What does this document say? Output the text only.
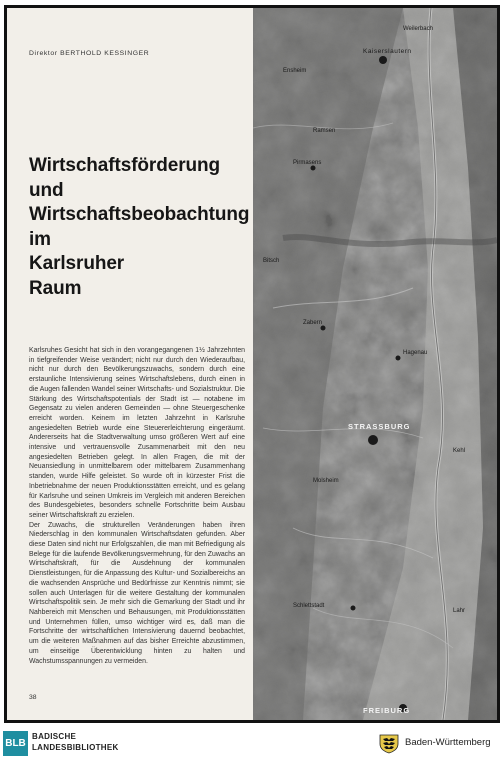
Direktor BERTHOLD KESSINGER
Wirtschaftsförderung
und
Wirtschaftsbeobachtung
im
Karlsruher
Raum

Karlsruhes Gesicht hat sich in den vorangegangenen 1½ Jahrzehnten in tiefgreifender Weise verändert; nicht nur durch den Wiederaufbau, nicht nur durch den Bevölkerungszuwachs, sondern durch eine erstaunliche Intensivierung seines Wirtschaftslebens, durch einen in die Augen fallenden Wandel seiner Wirtschafts- und Sozialstruktur. Die Stärkung des Wirtschaftspotentials der Stadt ist — notabene im Gegensatz zu vielen anderen Gemeinden — ohne Steuergeschenke erreicht worden. Keinem im letzten Jahrzehnt in Karlsruhe angesiedelten Betrieb wurde eine Steuererleichterung eingeräumt. Andererseits hat die Stadtverwaltung umso größeren Wert auf eine intensive und vertrauensvolle Zusammenarbeit mit den neu angesiedelten Betrieben gelegt. In allen Fragen, die mit der Neuansiedlung in unmittelbarem oder mittelbarem Zusammenhang standen, wurde Hilfe geleistet. So wurde oft in kürzester Frist die Inbetriebnahme der neuen Produktionsstätten erreicht, und es gelang für Karlsruhe und seinen Umkreis im Vergleich mit anderen Bereichen des Bundesgebietes, besonders schnelle Fortschritte beim Ausbau seiner Wirtschaftskraft zu erzielen.

Der Zuwachs, die strukturellen Veränderungen haben ihren Niederschlag in den kommunalen Wirtschaftsdaten gefunden. Aber diese Daten sind nicht nur Erfolgszahlen, die man mit Befriedigung als Belege für die laufende Bevölkerungsvermehrung, für den Zuwachs an Wirtschaftskraft, für die Ausdehnung der kommunalen Dienstleistungen, für die Anpassung des Kultur- und Sozialbereichs an die wachsenden Ansprüche und Bedürfnisse zur Kenntnis nimmt; sie sollen auch Unterlagen für die weitere Gestaltung der kommunalen Wirtschaftspolitik sein. Je mehr sich die Gemarkung der Stadt und ihr Nahbereich mit Menschen und Behausungen, mit Produktionsstätten und Unternehmen füllen, umso wichtiger wird es, daß man die Fortschritte der wirtschaftlichen Intensivierung dauernd beobachtet, um die weiteren Maßnahmen auf das bisher Erreichte abzustimmen, um einseitige Überentwicklung hinten zu halten und Wachstumsspannungen zu vermeiden.

38
Weilerbach
Kaiserslautern
Ensheim
Ramsen
Pirmasens
Bitsch
Hagenau
Zabern
STRASSBURG
Kehl
Molsheim
Schlettstadt
Lahr
FREIBURG
BLB
BADISCHE
LANDESBIBLIOTHEK	Baden-Württemberg
